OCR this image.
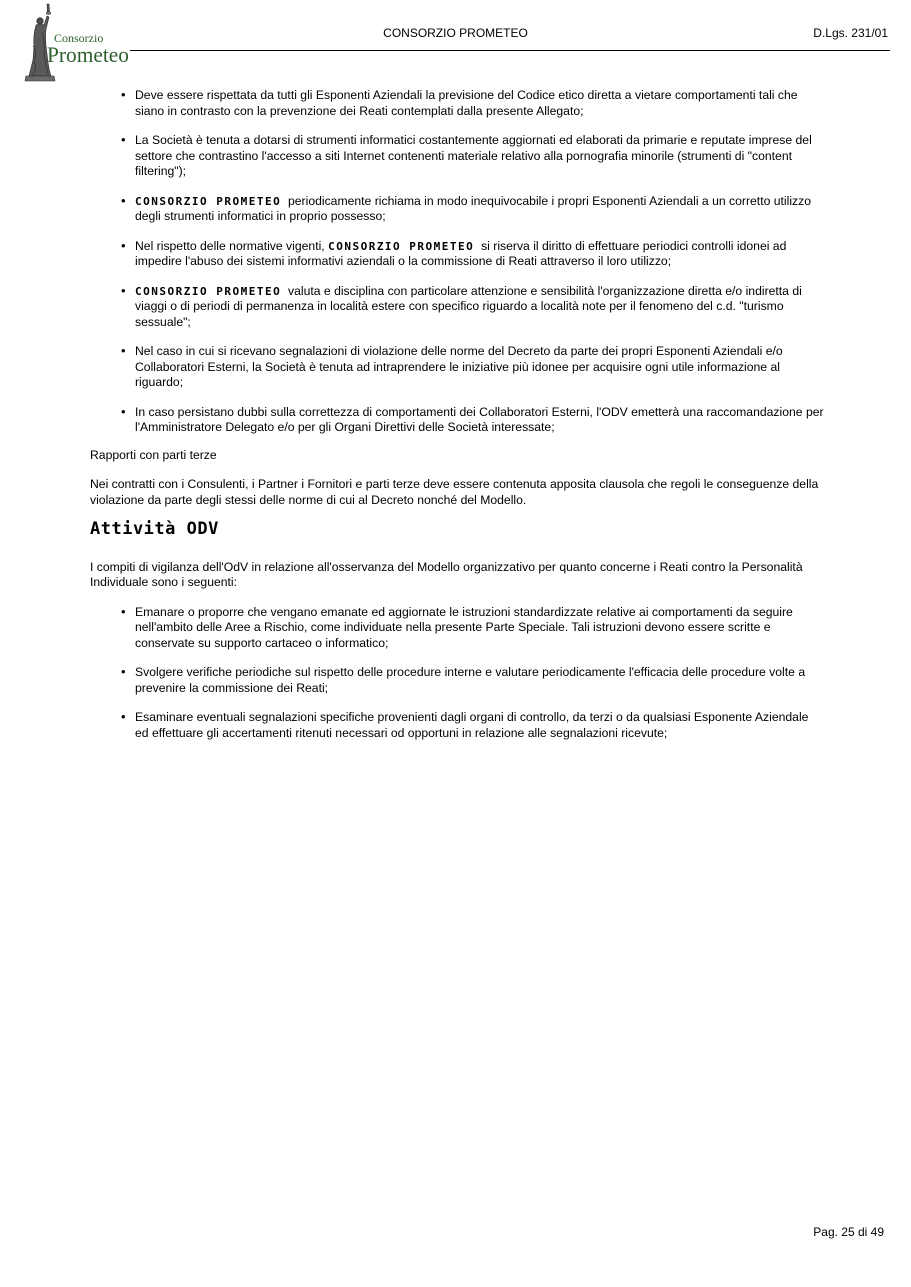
Consorzio
Prometeo
CONSORZIO PROMETEO	D.Lgs. 231/01
• Deve essere rispettata da tutti gli Esponenti Aziendali la previsione del Codice etico diretta a vietare comportamenti tali che siano in contrasto con la prevenzione dei Reati contemplati dalla presente Allegato;
• La Società è tenuta a dotarsi di strumenti informatici costantemente aggiornati ed elaborati da primarie e reputate imprese del settore che contrastino l'accesso a siti Internet contenenti materiale relativo alla pornografia minorile (strumenti di "content filtering");
• CONSORZIO PROMETEO periodicamente richiama in modo inequivocabile i propri Esponenti Aziendali a un corretto utilizzo degli strumenti informatici in proprio possesso;
• Nel rispetto delle normative vigenti, CONSORZIO PROMETEO si riserva il diritto di effettuare periodici controlli idonei ad impedire l'abuso dei sistemi informativi aziendali o la commissione di Reati attraverso il loro utilizzo;
• CONSORZIO PROMETEO valuta e disciplina con particolare attenzione e sensibilità l'organizzazione diretta e/o indiretta di viaggi o di periodi di permanenza in località estere con specifico riguardo a località note per il fenomeno del c.d. "turismo sessuale";
• Nel caso in cui si ricevano segnalazioni di violazione delle norme del Decreto da parte dei propri Esponenti Aziendali e/o Collaboratori Esterni, la Società è tenuta ad intraprendere le iniziative più idonee per acquisire ogni utile informazione al riguardo;
• In caso persistano dubbi sulla correttezza di comportamenti dei Collaboratori Esterni, l'ODV emetterà una raccomandazione per l'Amministratore Delegato e/o per gli Organi Direttivi delle Società interessate;

Rapporti con parti terze

Nei contratti con i Consulenti, i Partner i Fornitori e parti terze deve essere contenuta apposita clausola che regoli le conseguenze della violazione da parte degli stessi delle norme di cui al Decreto nonché del Modello.

Attività ODV

I compiti di vigilanza dell'OdV in relazione all'osservanza del Modello organizzativo per quanto concerne i Reati contro la Personalità Individuale sono i seguenti:

• Emanare o proporre che vengano emanate ed aggiornate le istruzioni standardizzate relative ai comportamenti da seguire nell'ambito delle Aree a Rischio, come individuate nella presente Parte Speciale. Tali istruzioni devono essere scritte e conservate su supporto cartaceo o informatico;
• Svolgere verifiche periodiche sul rispetto delle procedure interne e valutare periodicamente l'efficacia delle procedure volte a prevenire la commissione dei Reati;
• Esaminare eventuali segnalazioni specifiche provenienti dagli organi di controllo, da terzi o da qualsiasi Esponente Aziendale ed effettuare gli accertamenti ritenuti necessari od opportuni in relazione alle segnalazioni ricevute;
Pag. 25 di 49
